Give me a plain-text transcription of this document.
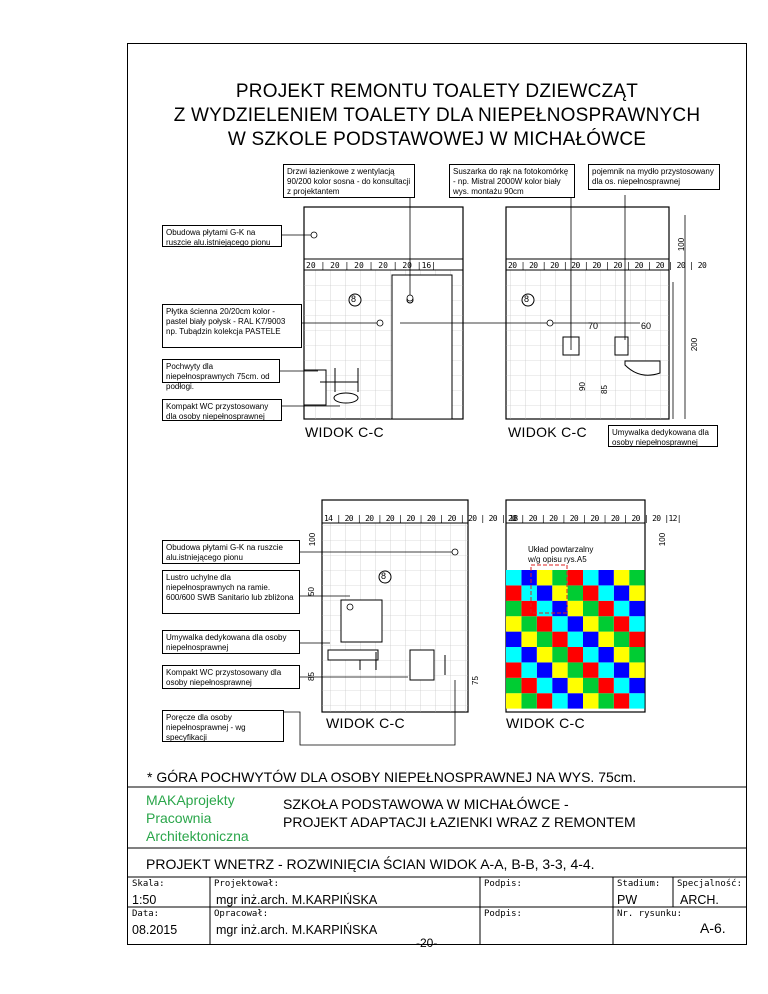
PROJEKT REMONTU TOALETY DZIEWCZĄT
Z WYDZIELENIEM TOALETY DLA NIEPEŁNOSPRAWNYCH
W SZKOLE PODSTAWOWEJ W MICHAŁÓWCE
8	8
8
20 | 20 | 20 | 20 | 20 |16|	20 | 20 | 20 | 20 | 20 | 20 | 20 | 20 | 20 | 20
14 | 20 | 20 | 20 | 20 | 20 | 20 | 20 | 20 | 18
20 | 20 | 20 | 20 | 20 | 20 | 20 | 20 |12|
70	60
100
200
90 85
100	100
50
85	75
Drzwi łazienkowe z wentylacją 90/200 kolor sosna - do konsultacji z projektantem
Suszarka do rąk na fotokomórkę - np. Mistral 2000W kolor biały wys. montażu 90cm
pojemnik na mydło przystosowany dla os. niepełnosprawnej
Obudowa płytami G-K na ruszcie alu.istniejącego pionu
Płytka ścienna 20/20cm kolor - pastel biały połysk - RAL K7/9003 np. Tubądzin kolekcja PASTELE
Pochwyty dla niepełnosprawnych 75cm. od podłogi.
Kompakt WC przystosowany dla osoby niepełnosprawnej
Umywalka dedykowana dla osoby niepełnosprawnej
Obudowa płytami G-K na ruszcie alu.istniejącego pionu
Lustro uchylne dla niepełnosprawnych na ramie. 600/600 SWB Sanitario lub zbliżona
Umywalka dedykowana dla osoby niepełnosprawnej
Kompakt WC przystosowany dla osoby niepełnosprawnej
Poręcze dla osoby niepełnosprawnej - wg specyfikacji
Układ powtarzalny w/g opisu rys.A5
WIDOK C-C	WIDOK C-C
WIDOK C-C	WIDOK C-C
* GÓRA POCHWYTÓW DLA OSOBY NIEPEŁNOSPRAWNEJ NA WYS. 75cm.
MAKAprojekty
Pracownia
Architektoniczna
SZKOŁA PODSTAWOWA W MICHAŁÓWCE -
PROJEKT ADAPTACJI ŁAZIENKI WRAZ Z REMONTEM
PROJEKT WNETRZ - ROZWINIĘCIA ŚCIAN WIDOK A-A, B-B, 3-3, 4-4.
Skala:
1:50
Projektował:
mgr inż.arch. M.KARPIŃSKA
Podpis:	Stadium:
PW
Specjalność:
ARCH.
Data:
08.2015
Opracował:
mgr inż.arch. M.KARPIŃSKA
Podpis:	Nr. rysunku:
A-6.
-20-
